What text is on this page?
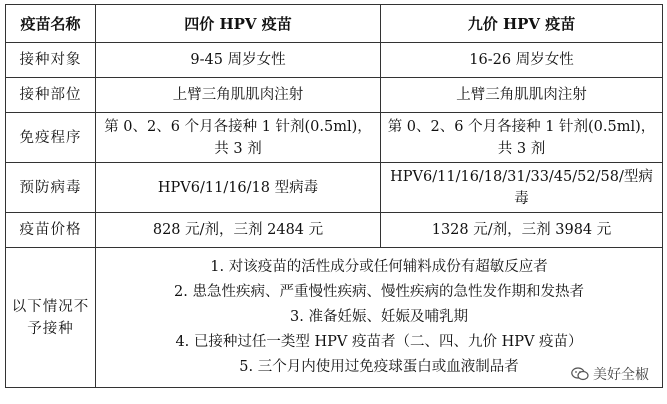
疫苗名称	四价 HPV 疫苗	九价 HPV 疫苗
接种对象	9-45 周岁女性	16-26 周岁女性
接种部位	上臂三角肌肌肉注射	上臂三角肌肌肉注射
免疫程序	第 0、2、6 个月各接种 1 针剂(0.5ml)，共 3 剂	第 0、2、6 个月各接种 1 针剂(0.5ml)，共 3 剂
预防病毒	HPV6/11/16/18 型病毒	HPV6/11/16/18/31/33/45/52/58/型病毒
疫苗价格	828 元/剂，三剂 2484 元	1328 元/剂，三剂 3984 元
以下情况不予接种	1. 对该疫苗的活性成分或任何辅料成份有超敏反应者
2. 患急性疾病、严重慢性疾病、慢性疾病的急性发作期和发热者
3. 准备妊娠、妊娠及哺乳期
4. 已接种过任一类型 HPV 疫苗者（二、四、九价 HPV 疫苗）
5. 三个月内使用过免疫球蛋白或血液制品者		美好全椒
